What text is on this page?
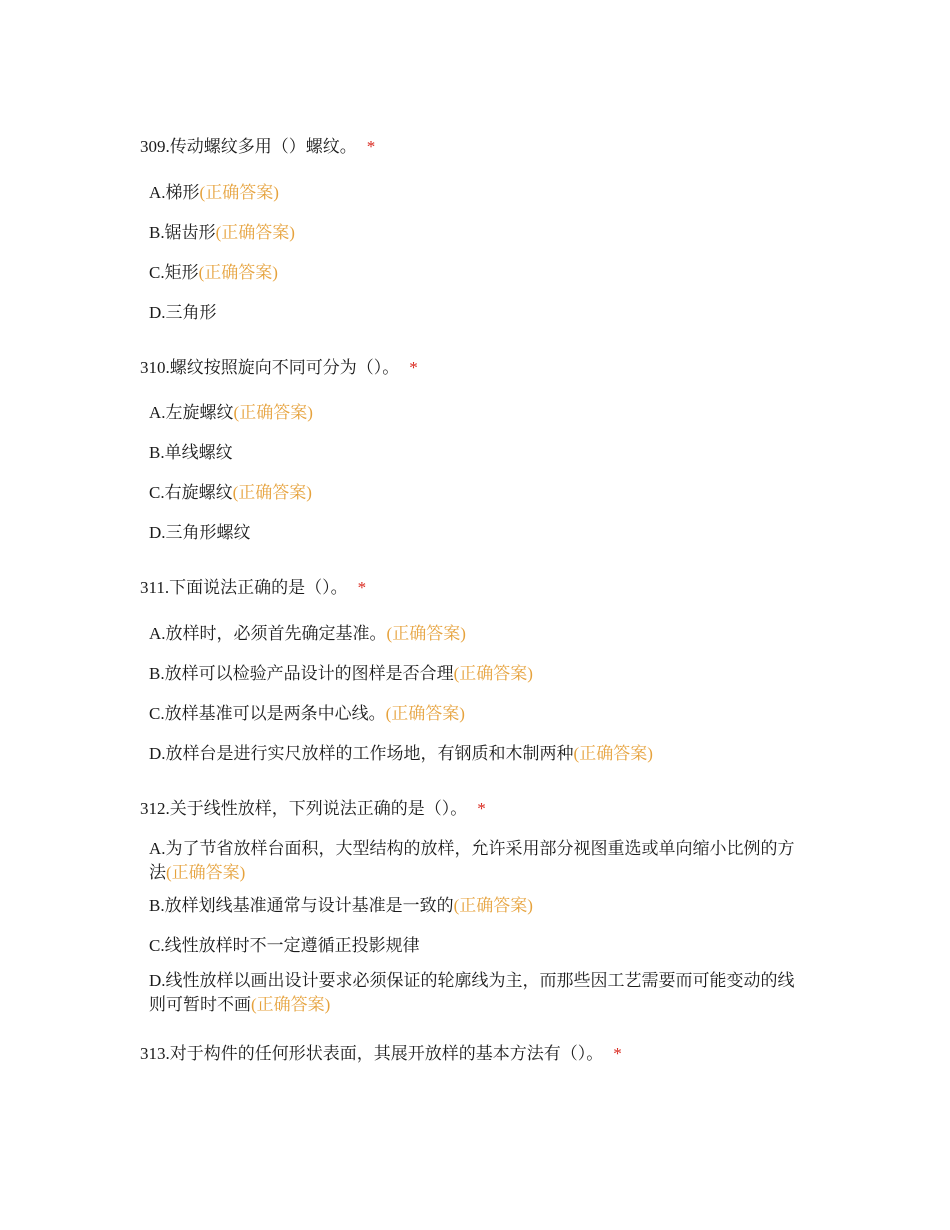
309.传动螺纹多用（）螺纹。 *
A.梯形(正确答案)
B.锯齿形(正确答案)
C.矩形(正确答案)
D.三角形
310.螺纹按照旋向不同可分为（）。 *
A.左旋螺纹(正确答案)
B.单线螺纹
C.右旋螺纹(正确答案)
D.三角形螺纹
311.下面说法正确的是（）。 *
A.放样时，必须首先确定基准。(正确答案)
B.放样可以检验产品设计的图样是否合理(正确答案)
C.放样基准可以是两条中心线。(正确答案)
D.放样台是进行实尺放样的工作场地，有钢质和木制两种(正确答案)
312.关于线性放样，下列说法正确的是（）。 *
A.为了节省放样台面积，大型结构的放样，允许采用部分视图重选或单向缩小比例的方法(正确答案)
B.放样划线基准通常与设计基准是一致的(正确答案)
C.线性放样时不一定遵循正投影规律
D.线性放样以画出设计要求必须保证的轮廓线为主，而那些因工艺需要而可能变动的线则可暂时不画(正确答案)
313.对于构件的任何形状表面，其展开放样的基本方法有（）。 *
